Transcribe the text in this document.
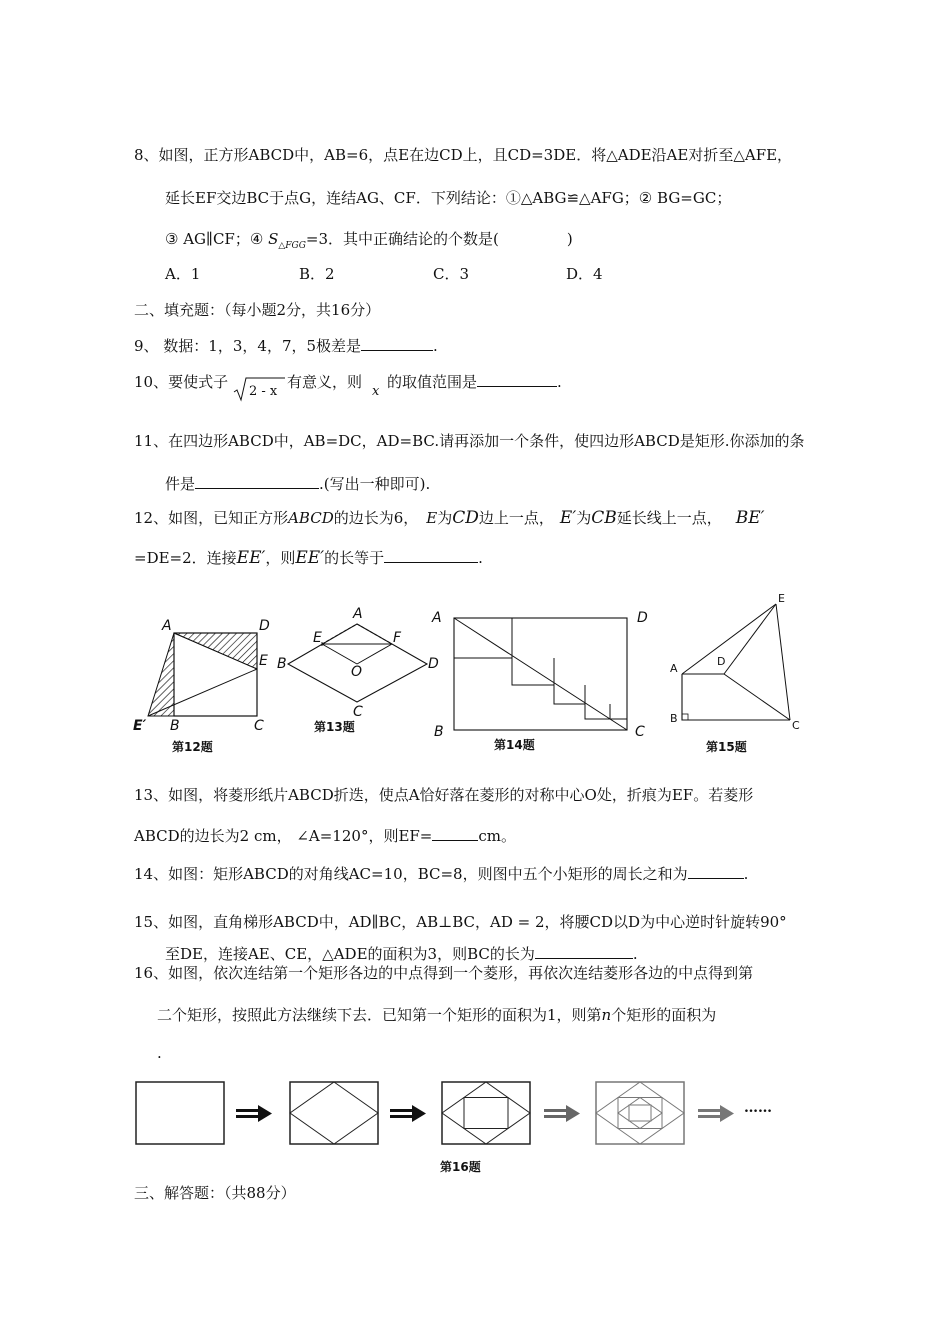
8、如图，正方形ABCD中，AB=6，点E在边CD上，且CD=3DE．将△ADE沿AE对折至△AFE，
延长EF交边BC于点G，连结AG、CF．下列结论：①△ABG≌△AFG；② BG=GC；
③ AG∥CF；④ $S_{\triangle FGG}=3$．其中正确结论的个数是(	)
A．1	B．2	C．3	D．4
二、填充题：（每小题2分，共16分）
9、 数据：1，3，4，7，5极差是	.
10、要使式子
2 - x
有意义，则
x
的取值范围是	.
11、在四边形ABCD中，AB=DC，AD=BC.请再添加一个条件，使四边形ABCD是矩形.你添加的条
件是	.(写出一种即可).
12、如图，已知正方形ABCD的边长为6， E为CD边上一点， E′为CB延长线上一点， BE′
=DE=2．连接EE′，则EE′的长等于	.
A	D
E
E′ B	C
第12题
A
E	F
B	D
O
C
第13题
A	D
B	C
第14题
E
A
D
B
C
第15题
13、如图，将菱形纸片ABCD折迭，使点A恰好落在菱形的对称中心O处，折痕为EF。若菱形
ABCD的边长为2 cm， ∠A=120°，则EF=	cm。
14、如图：矩形ABCD的对角线AC=10，BC=8，则图中五个小矩形的周长之和为	.
15、如图，直角梯形ABCD中，AD∥BC，AB⊥BC，AD = 2，将腰CD以D为中心逆时针旋转90°
至DE，连接AE、CE，△ADE的面积为3，则BC的长为	.
16、如图，依次连结第一个矩形各边的中点得到一个菱形，再依次连结菱形各边的中点得到第
二个矩形，按照此方法继续下去．已知第一个矩形的面积为1，则第n个矩形的面积为
.
……
第16题
三、解答题：（共88分）
